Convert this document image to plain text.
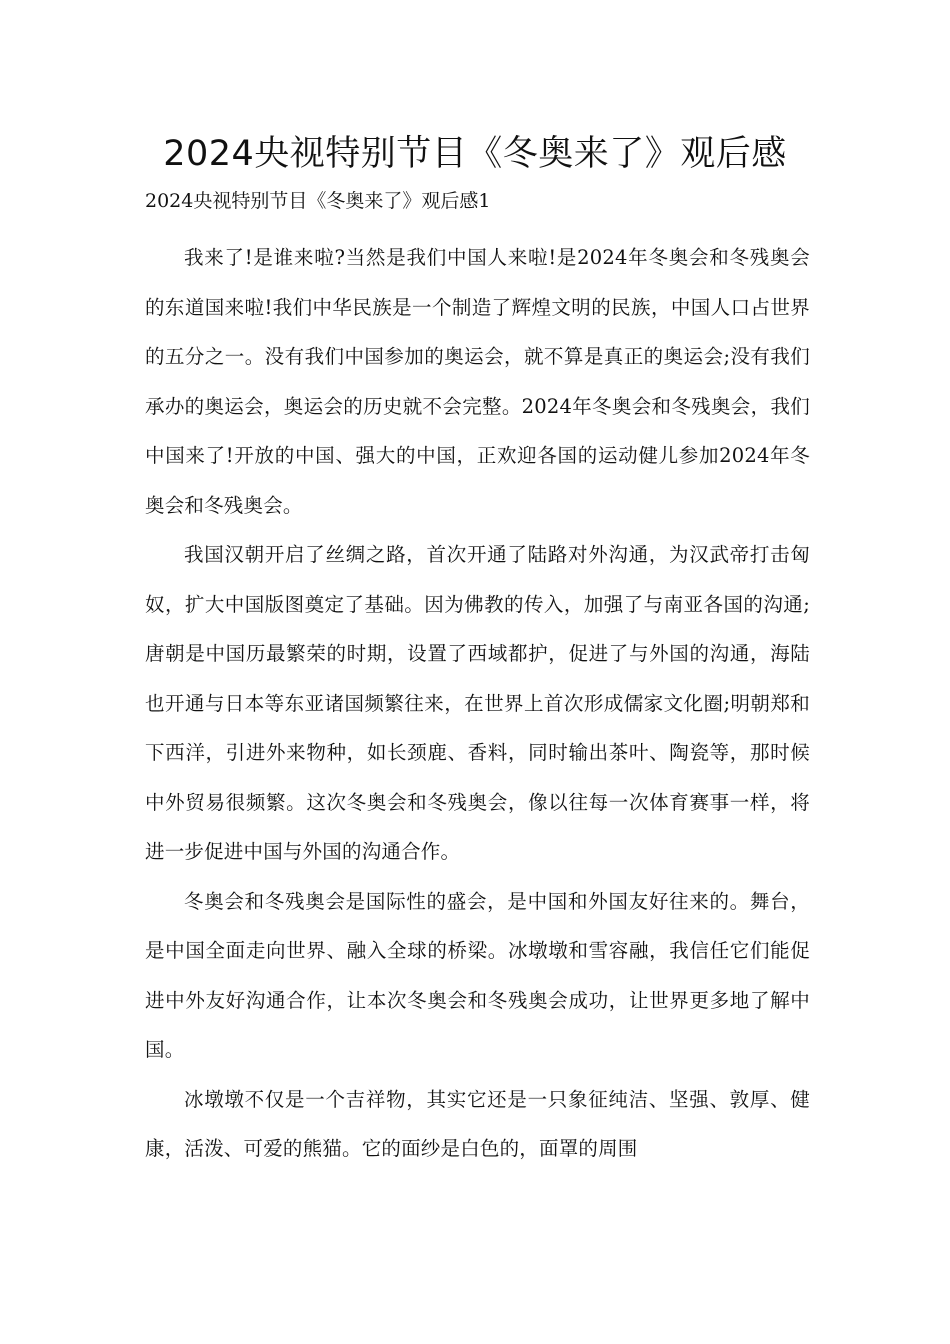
2024央视特别节目《冬奥来了》观后感

2024央视特别节目《冬奥来了》观后感1

我来了!是谁来啦?当然是我们中国人来啦!是2024年冬奥会和冬残奥会的东道国来啦!我们中华民族是一个制造了辉煌文明的民族，中国人口占世界的五分之一。没有我们中国参加的奥运会，就不算是真正的奥运会;没有我们承办的奥运会，奥运会的历史就不会完整。2024年冬奥会和冬残奥会，我们中国来了!开放的中国、强大的中国，正欢迎各国的运动健儿参加2024年冬奥会和冬残奥会。

我国汉朝开启了丝绸之路，首次开通了陆路对外沟通，为汉武帝打击匈奴，扩大中国版图奠定了基础。因为佛教的传入，加强了与南亚各国的沟通;唐朝是中国历最繁荣的时期，设置了西域都护，促进了与外国的沟通，海陆也开通与日本等东亚诸国频繁往来，在世界上首次形成儒家文化圈;明朝郑和下西洋，引进外来物种，如长颈鹿、香料，同时输出茶叶、陶瓷等，那时候中外贸易很频繁。这次冬奥会和冬残奥会，像以往每一次体育赛事一样，将进一步促进中国与外国的沟通合作。

冬奥会和冬残奥会是国际性的盛会，是中国和外国友好往来的。舞台，是中国全面走向世界、融入全球的桥梁。冰墩墩和雪容融，我信任它们能促进中外友好沟通合作，让本次冬奥会和冬残奥会成功，让世界更多地了解中国。

冰墩墩不仅是一个吉祥物，其实它还是一只象征纯洁、坚强、敦厚、健康，活泼、可爱的熊猫。它的面纱是白色的，面罩的周围
